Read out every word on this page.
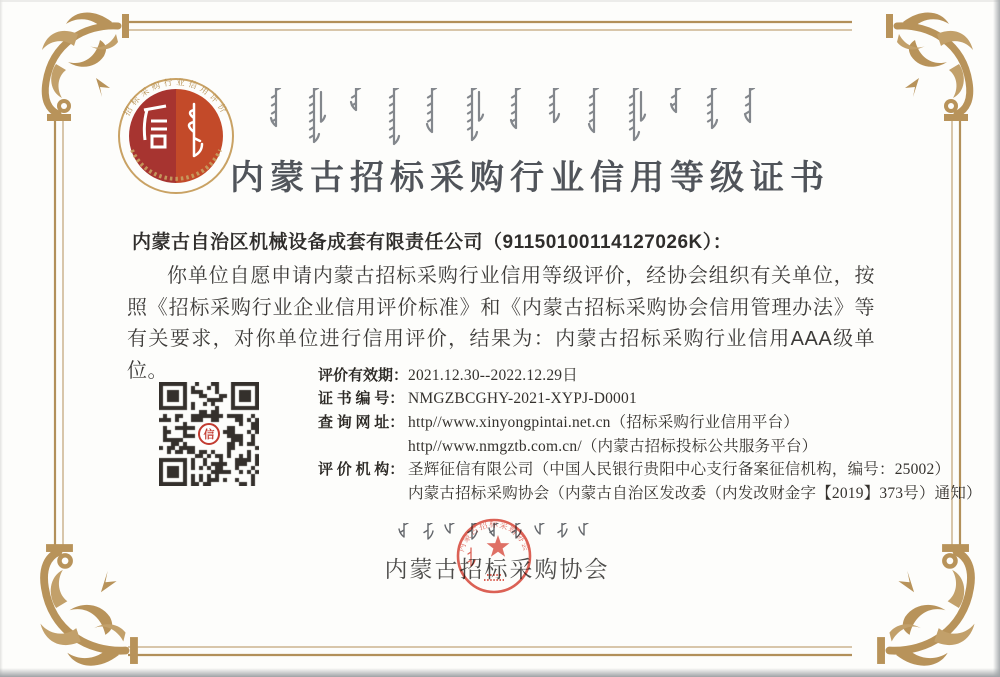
招标采购行业信用评价
内蒙古招标采购行业信用等级证书
内蒙古自治区机械设备成套有限责任公司（91150100114127026K）：
你单位自愿申请内蒙古招标采购行业信用等级评价，经协会组织有关单位，按照《招标采购行业企业信用评价标准》和《内蒙古招标采购协会信用管理办法》等有关要求，对你单位进行信用评价，结果为：内蒙古招标采购行业信用AAA级单位。
信
评价有效期： 2021.12.30--2022.12.29日
证 书 编 号： NMGZBCGHY-2021-XYPJ-D0001
查 询 网 址： http//www.xinyongpintai.net.cn（招标采购行业信用平台）
http//www.nmgztb.com.cn/（内蒙古招标投标公共服务平台）
评 价 机 构： 圣辉征信有限公司（中国人民银行贵阳中心支行备案征信机构，编号：25002）
内蒙古招标采购协会（内蒙古自治区发改委（内发改财金字【2019】373号）通知）
内蒙古招标采购协会
内蒙古招标采购协会
